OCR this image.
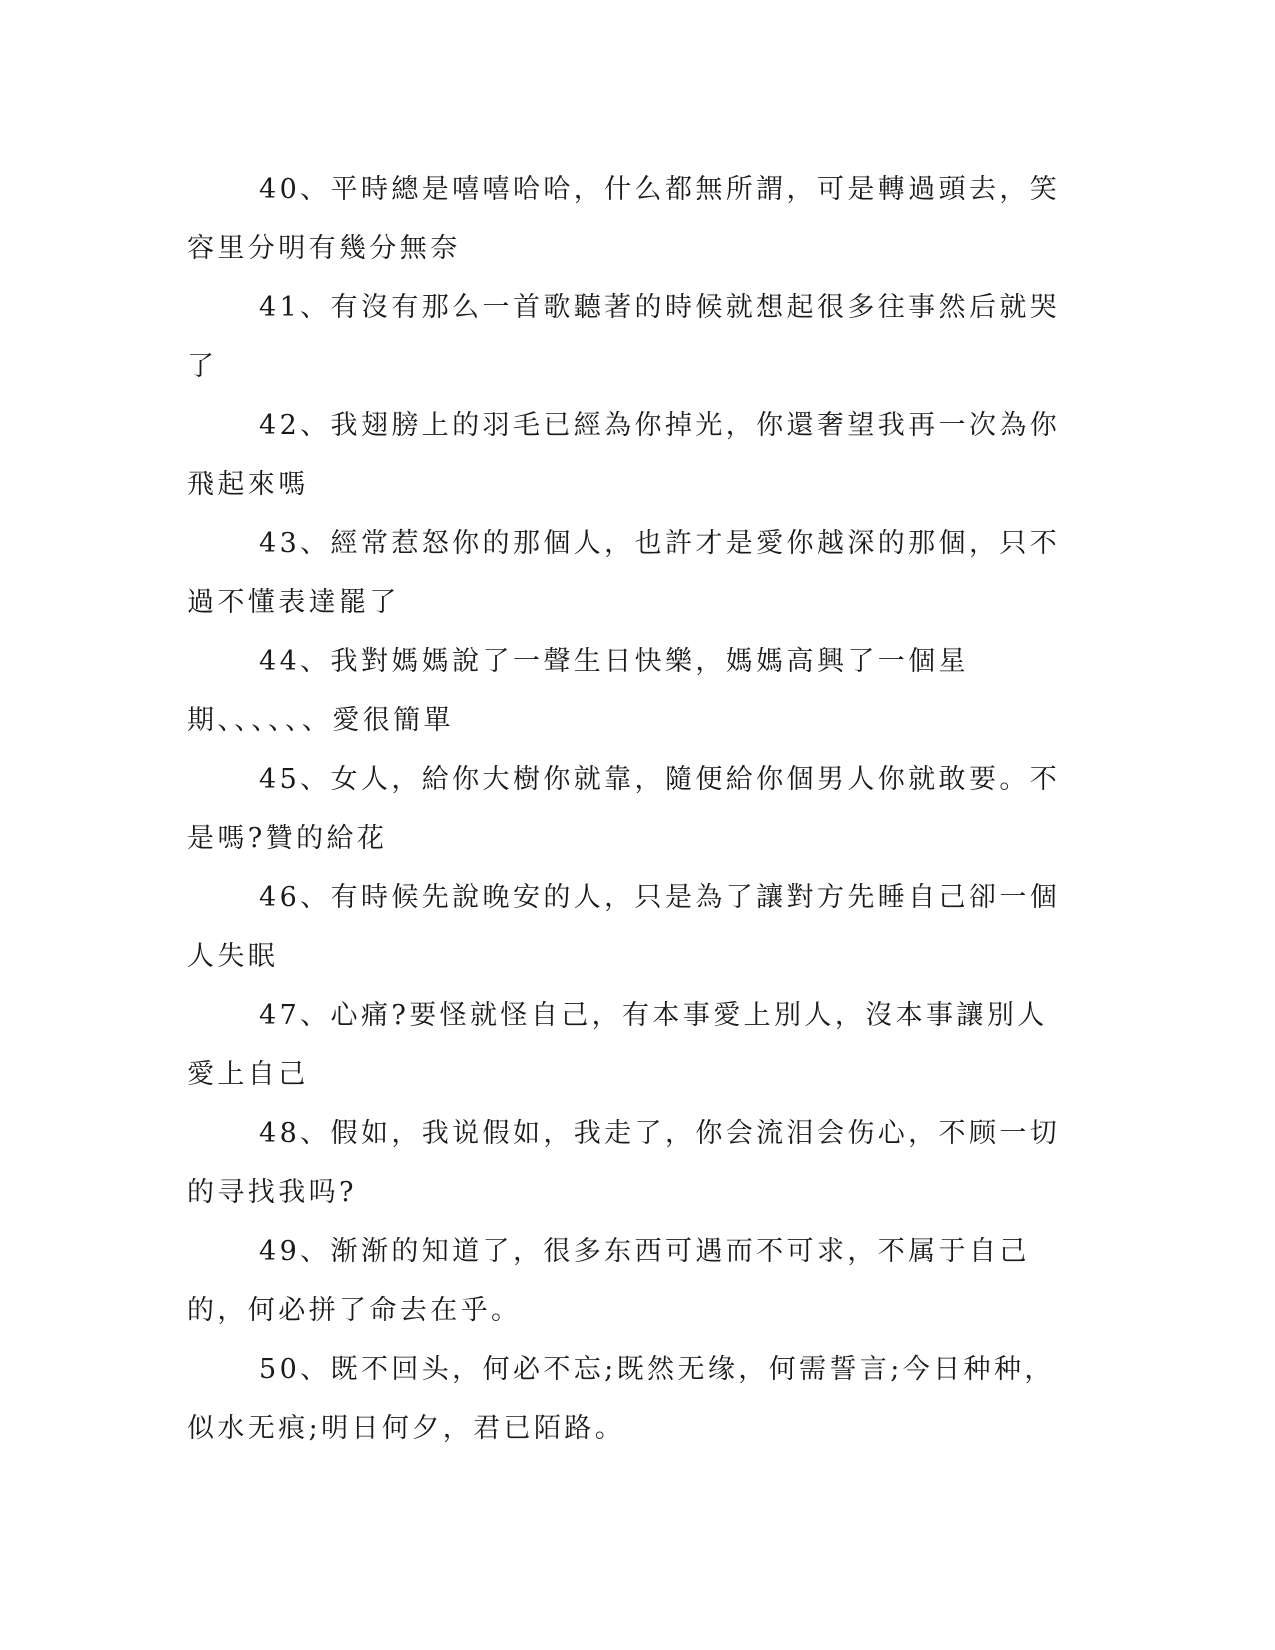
40、平時總是嘻嘻哈哈，什么都無所謂，可是轉過頭去，笑容里分明有幾分無奈

41、有沒有那么一首歌聽著的時候就想起很多往事然后就哭了

42、我翅膀上的羽毛已經為你掉光，你還奢望我再一次為你飛起來嗎

43、經常惹怒你的那個人，也許才是愛你越深的那個，只不過不懂表達罷了

44、我對媽媽說了一聲生日快樂，媽媽高興了一個星期、、、、、、愛很簡單

45、女人，給你大樹你就靠，隨便給你個男人你就敢要。不是嗎?贊的給花

46、有時候先說晚安的人，只是為了讓對方先睡自己卻一個人失眠

47、心痛?要怪就怪自己，有本事愛上別人，沒本事讓別人愛上自己

48、假如，我说假如，我走了，你会流泪会伤心，不顾一切的寻找我吗?

49、渐渐的知道了，很多东西可遇而不可求，不属于自己的，何必拼了命去在乎。

50、既不回头，何必不忘;既然无缘，何需誓言;今日种种，似水无痕;明日何夕，君已陌路。
